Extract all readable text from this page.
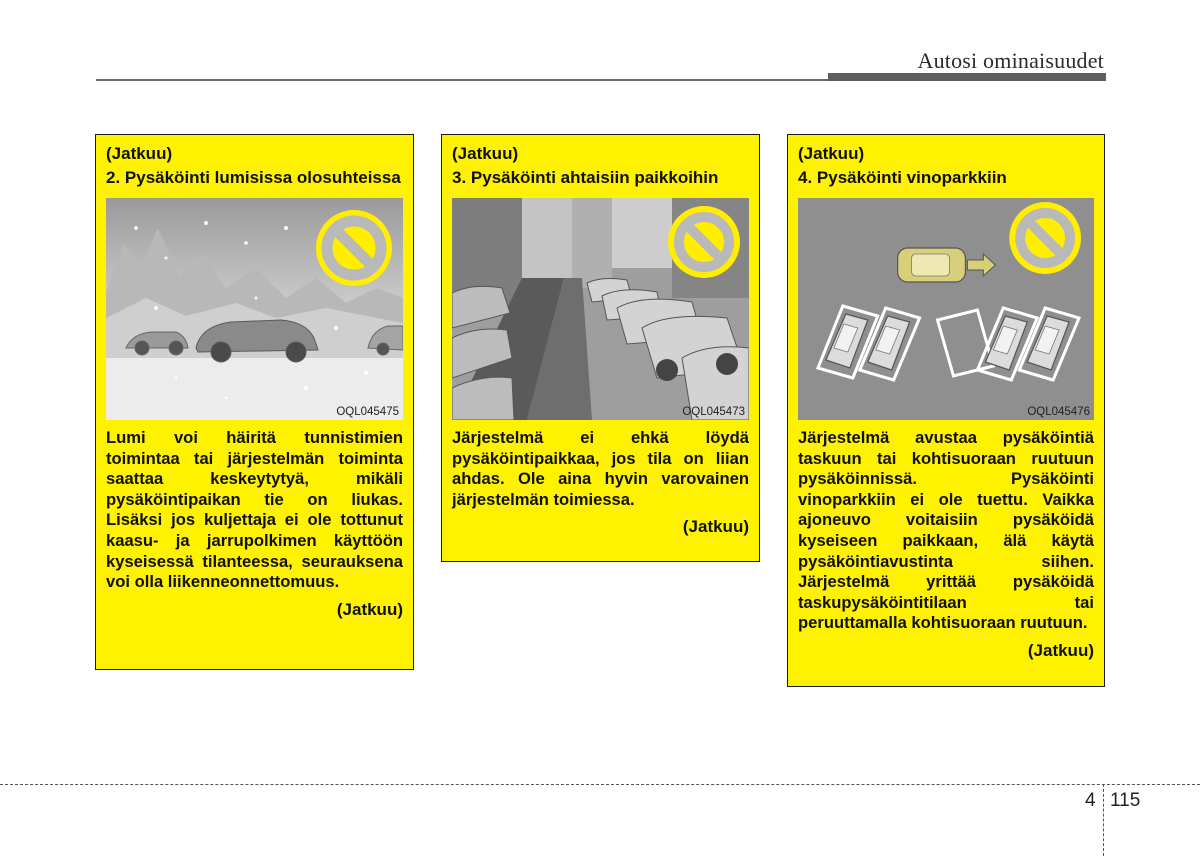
Autosi ominaisuudet
(Jatkuu)
2. Pysäköinti lumisissa olosuhteissa
OQL045475
Lumi voi häiritä tunnistimien toimintaa tai järjestelmän toiminta saattaa keskeytytyä, mikäli pysäköintipaikan tie on liukas. Lisäksi jos kuljettaja ei ole tottunut kaasu- ja jarrupolkimen käyttöön kyseisessä tilanteessa, seurauksena voi olla liikenneonnettomuus.
(Jatkuu)
(Jatkuu)
3. Pysäköinti ahtaisiin paikkoihin
OQL045473
Järjestelmä ei ehkä löydä pysäköintipaikkaa, jos tila on liian ahdas. Ole aina hyvin varovainen järjestelmän toimiessa.
(Jatkuu)
(Jatkuu)
4. Pysäköinti vinoparkkiin
OQL045476
Järjestelmä avustaa pysäköintiä taskuun tai kohtisuoraan ruutuun pysäköinnissä. Pysäköinti vinoparkkiin ei ole tuettu. Vaikka ajoneuvo voitaisiin pysäköidä kyseiseen paikkaan, älä käytä pysäköintiavustinta siihen. Järjestelmä yrittää pysäköidä taskupysäköintitilaan tai peruuttamalla kohtisuoraan ruutuun.
(Jatkuu)
4 115
